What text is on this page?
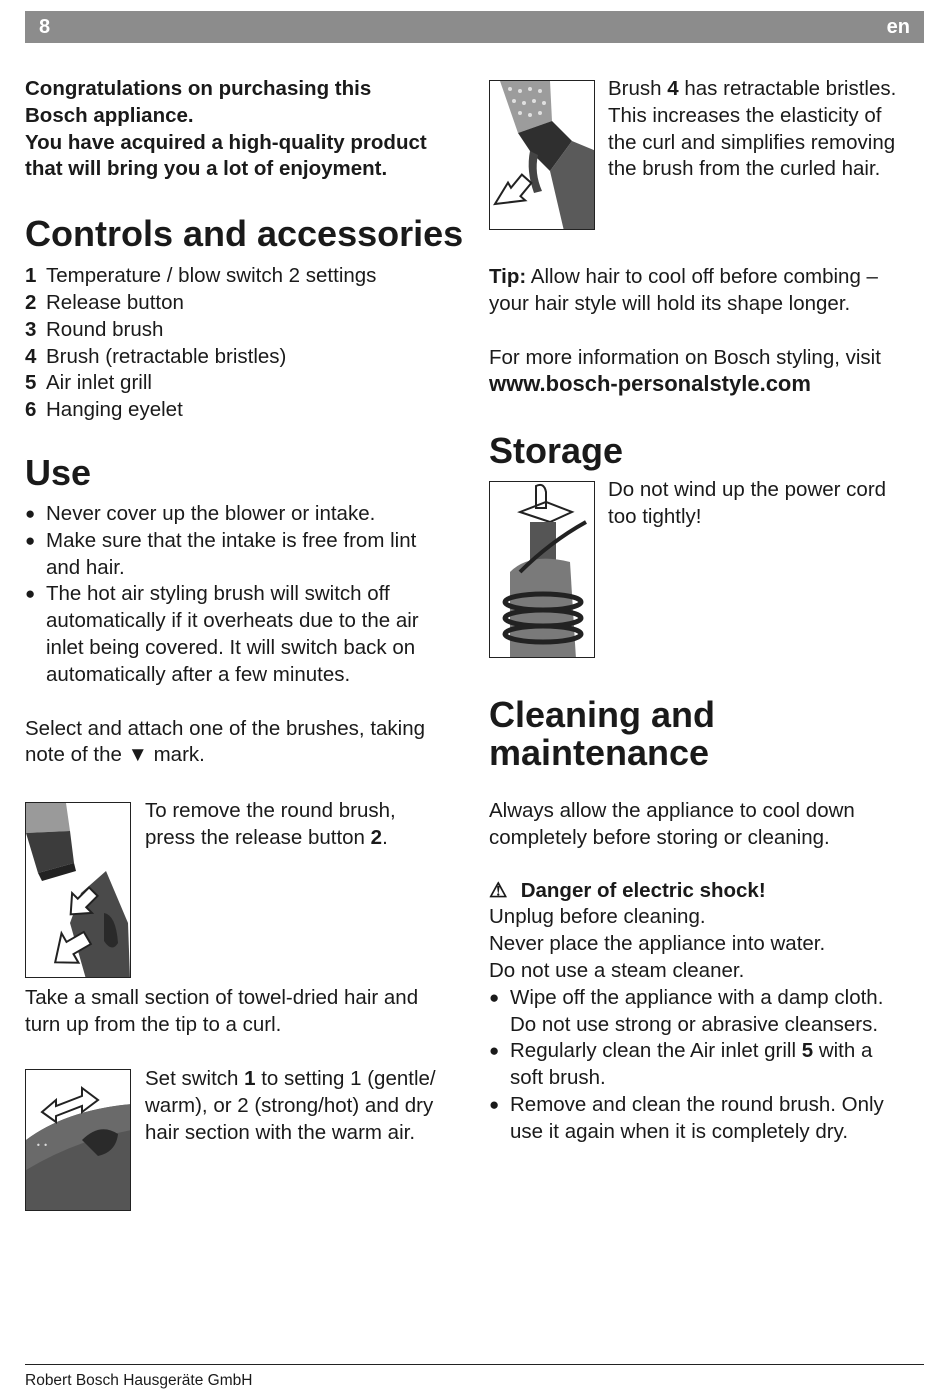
8	en

Congratulations on purchasing this

Bosch appliance.

You have acquired a high-quality product

that will bring you a lot of enjoyment.

Controls and accessories
1 Temperature / blow switch 2 settings
2 Release button
3 Round brush
4 Brush (retractable bristles)
5 Air inlet grill
6 Hanging eyelet
Use
● Never cover up the blower or intake.

● Make sure that the intake is free from lint

and hair.

● The hot air styling brush will switch off

automatically if it overheats due to the air

inlet being covered. It will switch back on

automatically after a few minutes.

Select and attach one of the brushes, taking

note of the ▼ mark.

To remove the round brush,

press the release button 2.

Take a small section of towel-dried hair and

turn up from the tip to a curl.

• •

Set switch 1 to setting 1 (gentle/

warm), or 2 (strong/hot) and dry

hair section with the warm air.

Brush 4 has retractable bristles.

This increases the elasticity of

the curl and simplifies removing

the brush from the curled hair.

Tip: Allow hair to cool off before combing –

your hair style will hold its shape longer.

For more information on Bosch styling, visit

www.bosch-personalstyle.com

Storage

Do not wind up the power cord

too tightly!

Cleaning and
maintenance

Always allow the appliance to cool down

completely before storing or cleaning.

⚠ Danger of electric shock!

Unplug before cleaning.

Never place the appliance into water.

Do not use a steam cleaner.

● Wipe off the appliance with a damp cloth.

Do not use strong or abrasive cleansers.

● Regularly clean the Air inlet grill 5 with a

soft brush.

● Remove and clean the round brush. Only

use it again when it is completely dry.

Robert Bosch Hausgeräte GmbH
